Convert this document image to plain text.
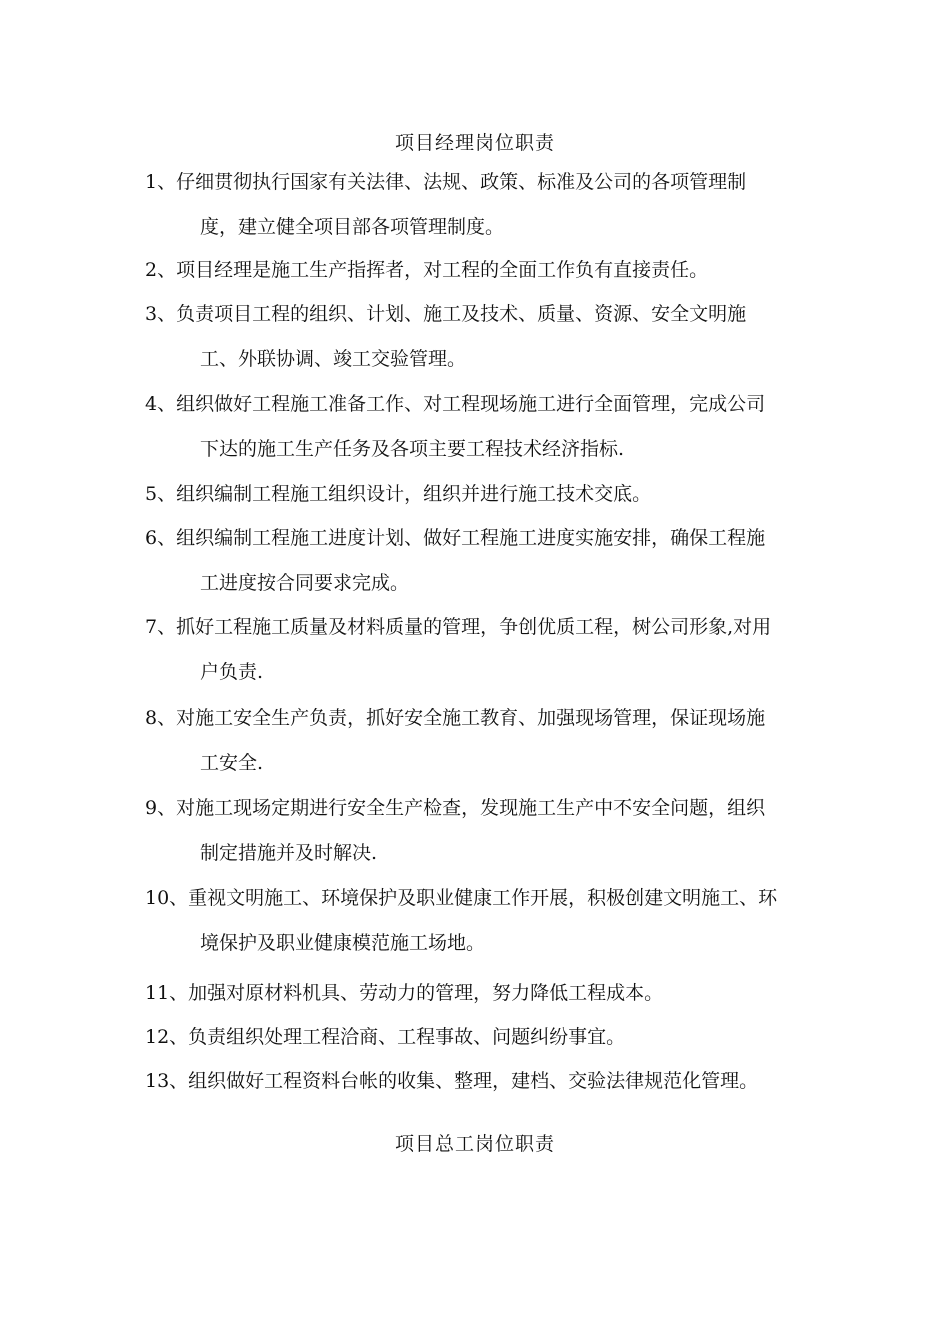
项目经理岗位职责
1、仔细贯彻执行国家有关法律、法规、政策、标准及公司的各项管理制
度，建立健全项目部各项管理制度。
2、项目经理是施工生产指挥者，对工程的全面工作负有直接责任。
3、负责项目工程的组织、计划、施工及技术、质量、资源、安全文明施
工、外联协调、竣工交验管理。
4、组织做好工程施工准备工作、对工程现场施工进行全面管理，完成公司
下达的施工生产任务及各项主要工程技术经济指标.
5、组织编制工程施工组织设计，组织并进行施工技术交底。
6、组织编制工程施工进度计划、做好工程施工进度实施安排，确保工程施
工进度按合同要求完成。
7、抓好工程施工质量及材料质量的管理，争创优质工程，树公司形象,对用
户负责.
8、对施工安全生产负责，抓好安全施工教育、加强现场管理，保证现场施
工安全.
9、对施工现场定期进行安全生产检查，发现施工生产中不安全问题，组织
制定措施并及时解决.
10、重视文明施工、环境保护及职业健康工作开展，积极创建文明施工、环
境保护及职业健康模范施工场地。
11、加强对原材料机具、劳动力的管理，努力降低工程成本。
12、负责组织处理工程洽商、工程事故、问题纠纷事宜。
13、组织做好工程资料台帐的收集、整理，建档、交验法律规范化管理。
项目总工岗位职责
